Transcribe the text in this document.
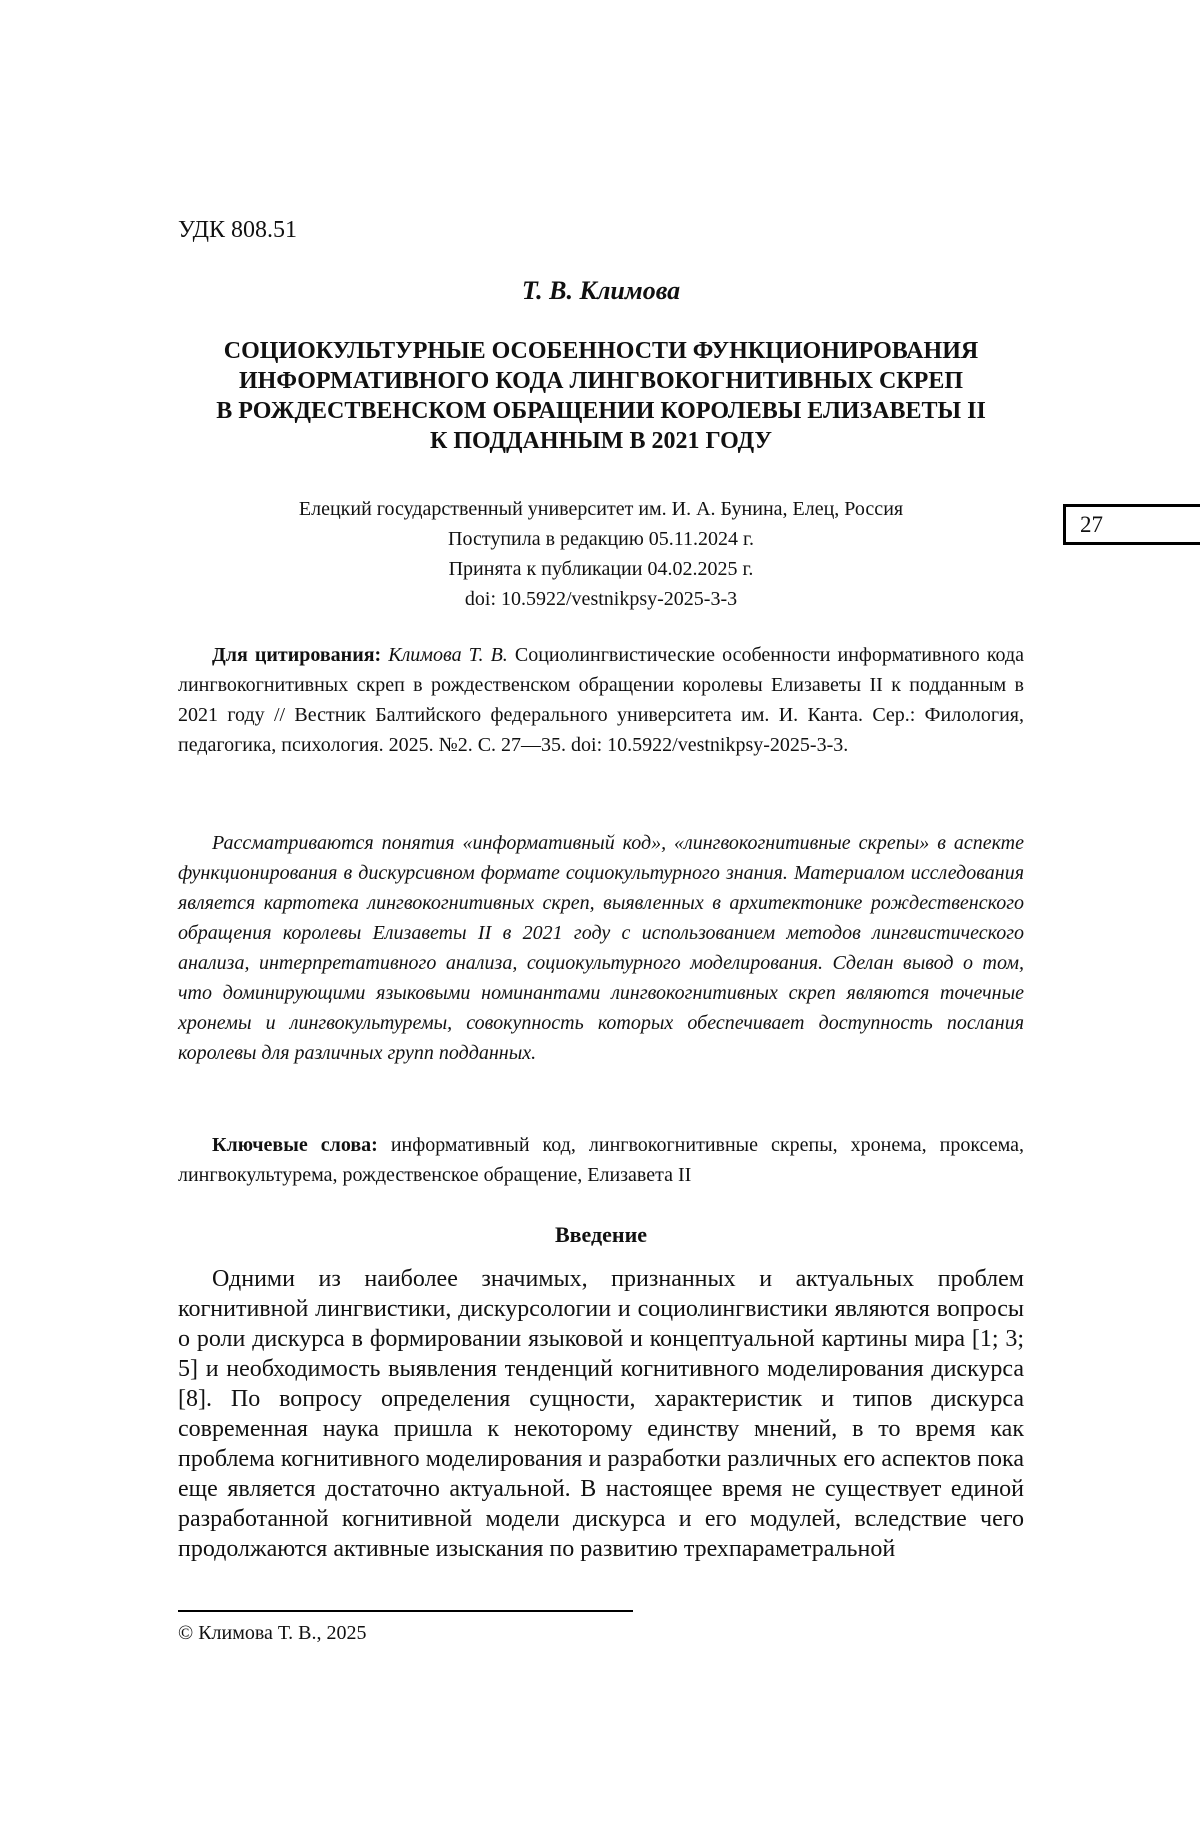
УДК 808.51
Т. В. Климова
СОЦИОКУЛЬТУРНЫЕ ОСОБЕННОСТИ ФУНКЦИОНИРОВАНИЯ
ИНФОРМАТИВНОГО КОДА ЛИНГВОКОГНИТИВНЫХ СКРЕП
В РОЖДЕСТВЕНСКОМ ОБРАЩЕНИИ КОРОЛЕВЫ ЕЛИЗАВЕТЫ II
К ПОДДАННЫМ В 2021 ГОДУ
Елецкий государственный университет им. И. А. Бунина, Елец, Россия
Поступила в редакцию 05.11.2024 г.
Принята к публикации 04.02.2025 г.
doi: 10.5922/vestnikpsy-2025-3-3
27
Для цитирования: Климова Т. В. Социолингвистические особенности информативного кода лингвокогнитивных скреп в рождественском обращении королевы Елизаветы II к подданным в 2021 году // Вестник Балтийского федерального университета им. И. Канта. Сер.: Филология, педагогика, психология. 2025. №2. С. 27—35. doi: 10.5922/vestnikpsy-2025-3-3.
Рассматриваются понятия «информативный код», «лингвокогнитивные скрепы» в аспекте функционирования в дискурсивном формате социокультурного знания. Материалом исследования является картотека лингвокогнитивных скреп, выявленных в архитектонике рождественского обращения королевы Елизаветы II в 2021 году с использованием методов лингвистического анализа, интерпретативного анализа, социокультурного моделирования. Сделан вывод о том, что доминирующими языковыми номинантами лингвокогнитивных скреп являются точечные хронемы и лингвокультуремы, совокупность которых обеспечивает доступность послания королевы для различных групп подданных.
Ключевые слова: информативный код, лингвокогнитивные скрепы, хронема, проксема, лингвокультурема, рождественское обращение, Елизавета II
Введение
Одними из наиболее значимых, признанных и актуальных проблем когнитивной лингвистики, дискурсологии и социолингвистики являются вопросы о роли дискурса в формировании языковой и концептуальной картины мира [1; 3; 5] и необходимость выявления тенденций когнитивного моделирования дискурса [8]. По вопросу определения сущности, характеристик и типов дискурса современная наука пришла к некоторому единству мнений, в то время как проблема когнитивного моделирования и разработки различных его аспектов пока еще является достаточно актуальной. В настоящее время не существует единой разработанной когнитивной модели дискурса и его модулей, вследствие чего продолжаются активные изыскания по развитию трехпараметральной
© Климова Т. В., 2025
